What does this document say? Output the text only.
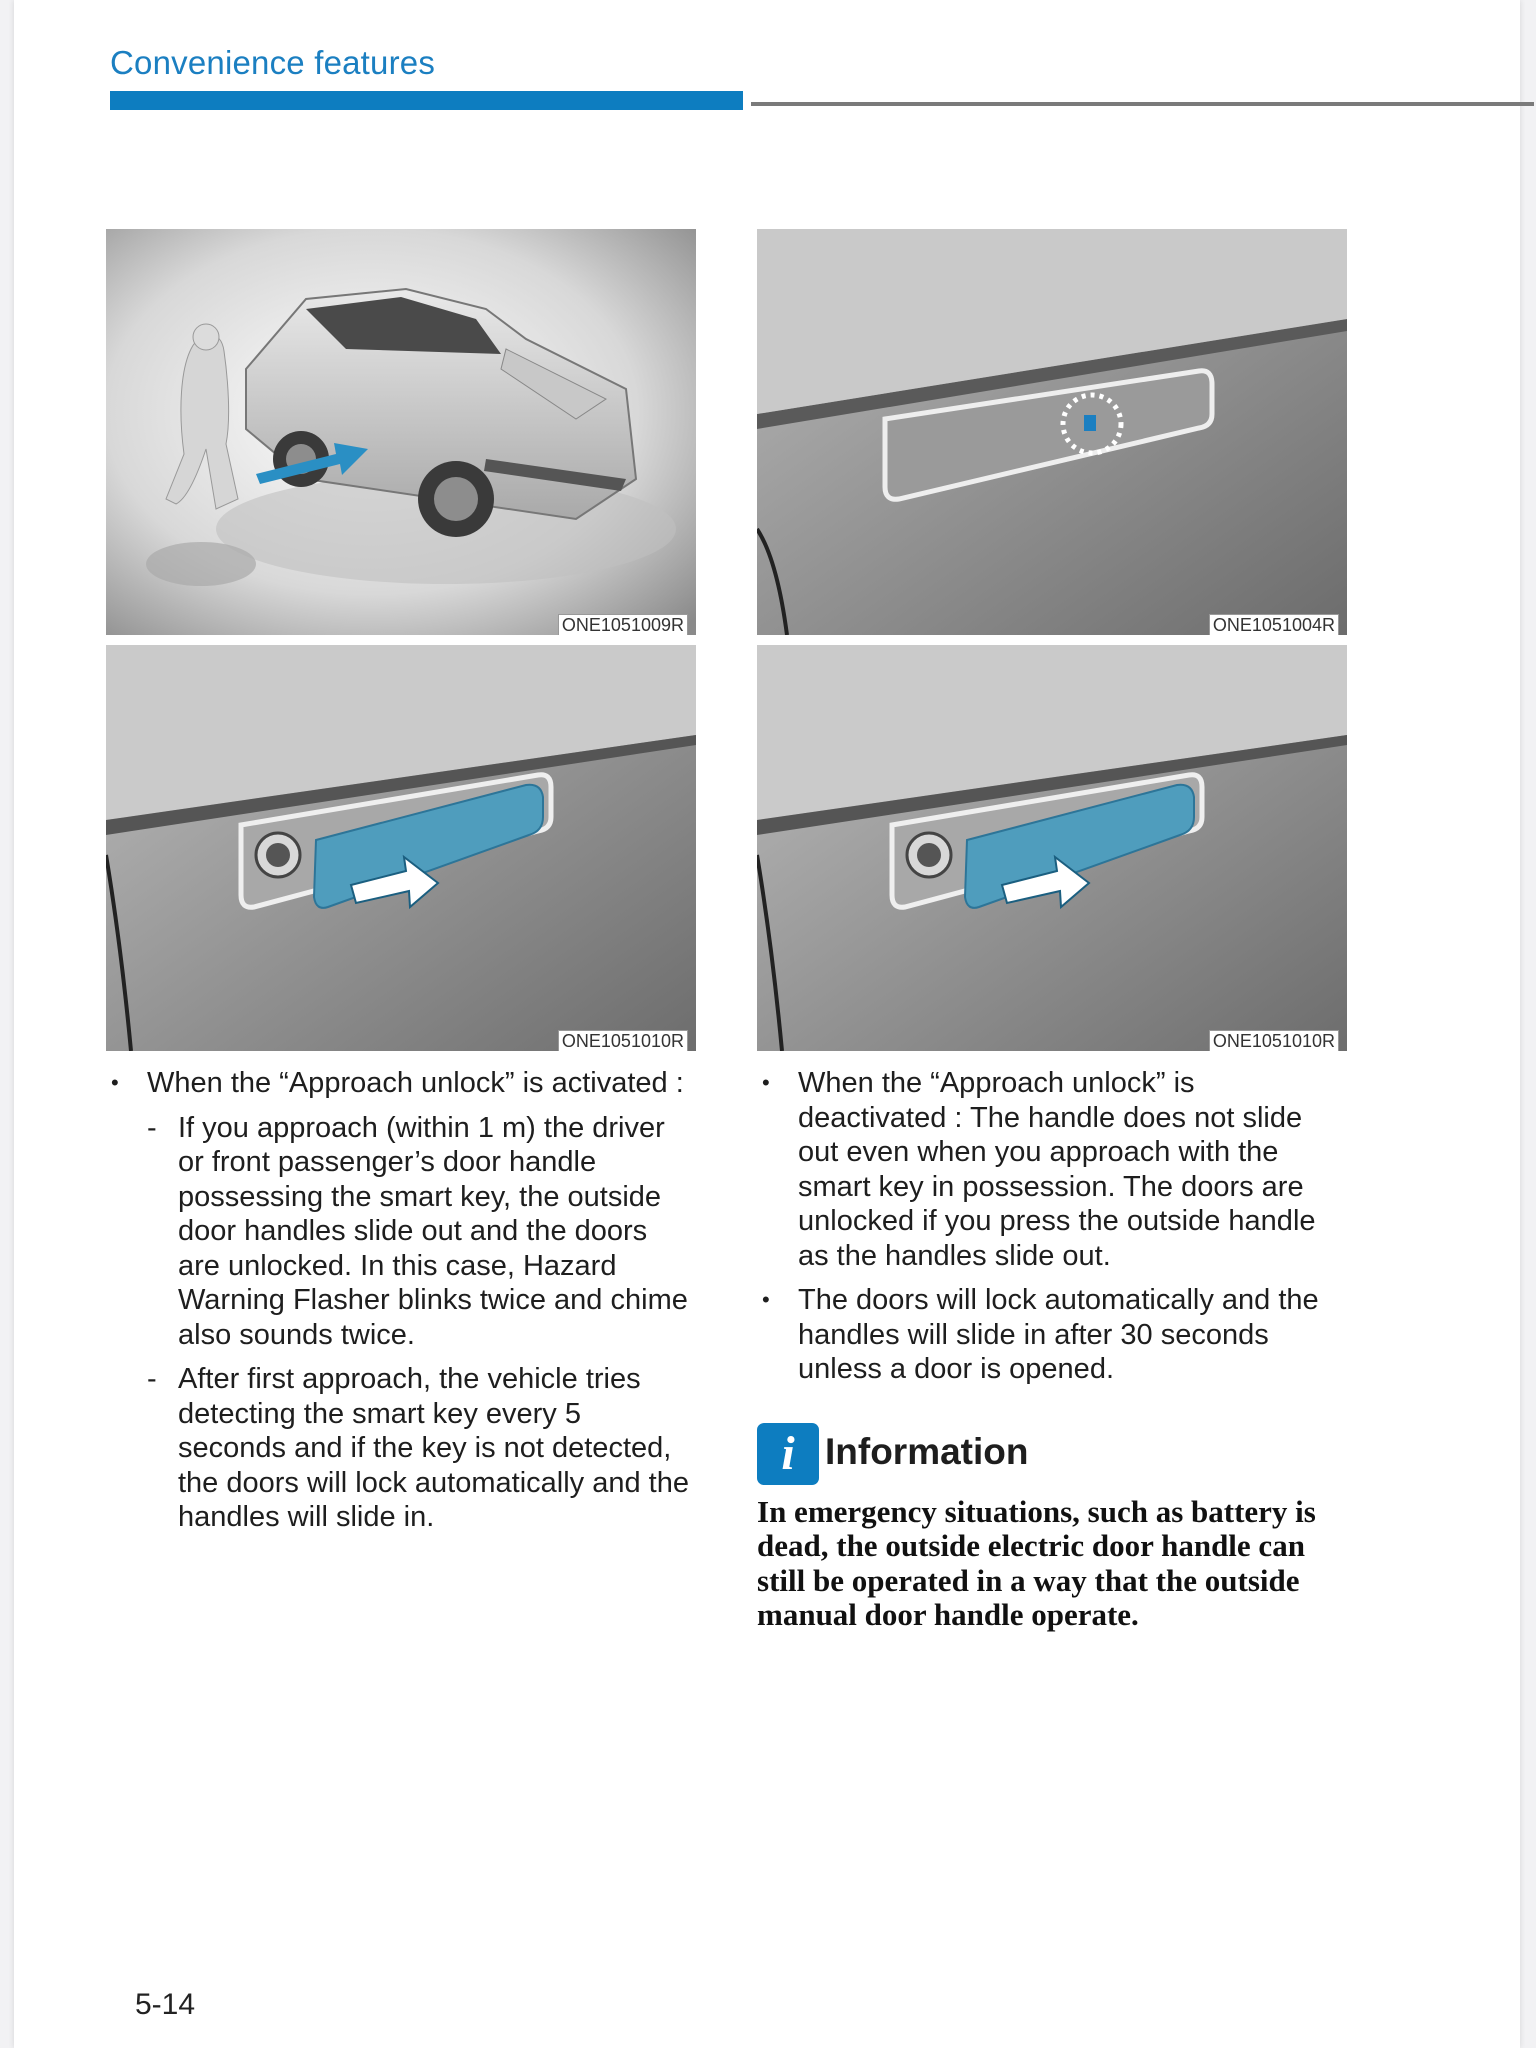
Convenience features
ONE1051009R	ONE1051004R
ONE1051010R	ONE1051010R
• When the “Approach unlock” is activated :
- If you approach (within 1 m) the driver or front passenger’s door handle possessing the smart key, the outside door handles slide out and the doors are unlocked. In this case, Hazard Warning Flasher blinks twice and chime also sounds twice.
- After first approach, the vehicle tries detecting the smart key every 5 seconds and if the key is not detected, the doors will lock automatically and the handles will slide in.
• When the “Approach unlock” is deactivated : The handle does not slide out even when you approach with the smart key in possession. The doors are unlocked if you press the outside handle as the handles slide out.
• The doors will lock automatically and the handles will slide in after 30 seconds unless a door is opened.
i Information
In emergency situations, such as battery is dead, the outside electric door handle can still be operated in a way that the outside manual door handle operate.
5-14
